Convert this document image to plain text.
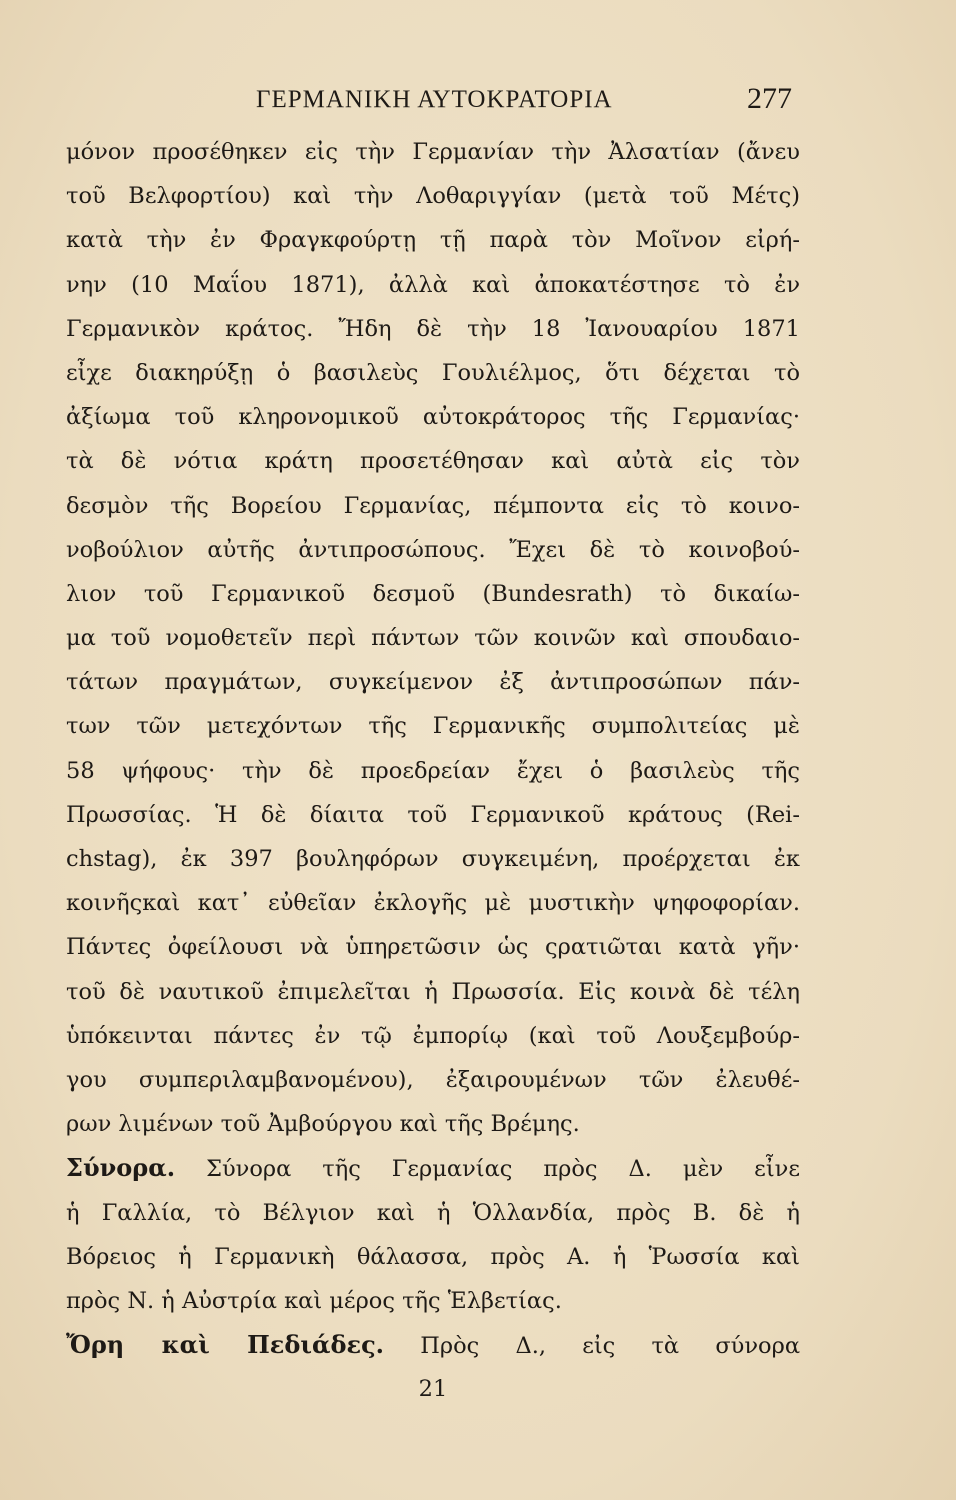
ΓΕΡΜΑΝΙΚΗ ΑΥΤΟΚΡΑΤΟΡΙΑ	277
μόνον προσέθηκεν εἰς τὴν Γερμανίαν τὴν Ἀλσατίαν (ἄνευ
τοῦ Βελφορτίου) καὶ τὴν Λοθαριγγίαν (μετὰ τοῦ Μέτς)
κατὰ τὴν ἐν Φραγκφούρτῃ τῇ παρὰ τὸν Μοῖνον εἰρή-
νην (10 Μαΐου 1871), ἀλλὰ καὶ ἀποκατέστησε τὸ ἐν
Γερμανικὸν κράτος. Ἤδη δὲ τὴν 18 Ἰανουαρίου 1871
εἶχε διακηρύξῃ ὁ βασιλεὺς Γουλιέλμος, ὅτι δέχεται τὸ
ἀξίωμα τοῦ κληρονομικοῦ αὐτοκράτορος τῆς Γερμανίας·
τὰ δὲ νότια κράτη προσετέθησαν καὶ αὐτὰ εἰς τὸν
δεσμὸν τῆς Βορείου Γερμανίας, πέμποντα εἰς τὸ κοινο-
νοβούλιον αὐτῆς ἀντιπροσώπους. Ἔχει δὲ τὸ κοινοβού-
λιον τοῦ Γερμανικοῦ δεσμοῦ (Bundesrath) τὸ δικαίω-
μα τοῦ νομοθετεῖν περὶ πάντων τῶν κοινῶν καὶ σπουδαιο-
τάτων πραγμάτων, συγκείμενον ἐξ ἀντιπροσώπων πάν-
των τῶν μετεχόντων τῆς Γερμανικῆς συμπολιτείας μὲ
58 ψήφους· τὴν δὲ προεδρείαν ἔχει ὁ βασιλεὺς τῆς
Πρωσσίας. Ἡ δὲ δίαιτα τοῦ Γερμανικοῦ κράτους (Rei-
chstag), ἐκ 397 βουληφόρων συγκειμένη, προέρχεται ἐκ
κοινῆςκαὶ κατ᾽ εὐθεῖαν ἐκλογῆς μὲ μυστικὴν ψηφοφορίαν.
Πάντες ὀφείλουσι νὰ ὑπηρετῶσιν ὡς ςρατιῶται κατὰ γῆν·
τοῦ δὲ ναυτικοῦ ἐπιμελεῖται ἡ Πρωσσία. Εἰς κοινὰ δὲ τέλη
ὑπόκεινται πάντες ἐν τῷ ἐμπορίῳ (καὶ τοῦ Λουξεμβούρ-
γου συμπεριλαμβανομένου), ἐξαιρουμένων τῶν ἐλευθέ-
ρων λιμένων τοῦ Ἀμβούργου καὶ τῆς Βρέμης.
Σύνορα. Σύνορα τῆς Γερμανίας πρὸς Δ. μὲν εἶνε
ἡ Γαλλία, τὸ Βέλγιον καὶ ἡ Ὁλλανδία, πρὸς Β. δὲ ἡ
Βόρειος ἡ Γερμανικὴ θάλασσα, πρὸς Α. ἡ Ῥωσσία καὶ
πρὸς Ν. ἡ Αὐστρία καὶ μέρος τῆς Ἑλβετίας.
Ὄρη καὶ Πεδιάδες. Πρὸς Δ., εἰς τὰ σύνορα
21
